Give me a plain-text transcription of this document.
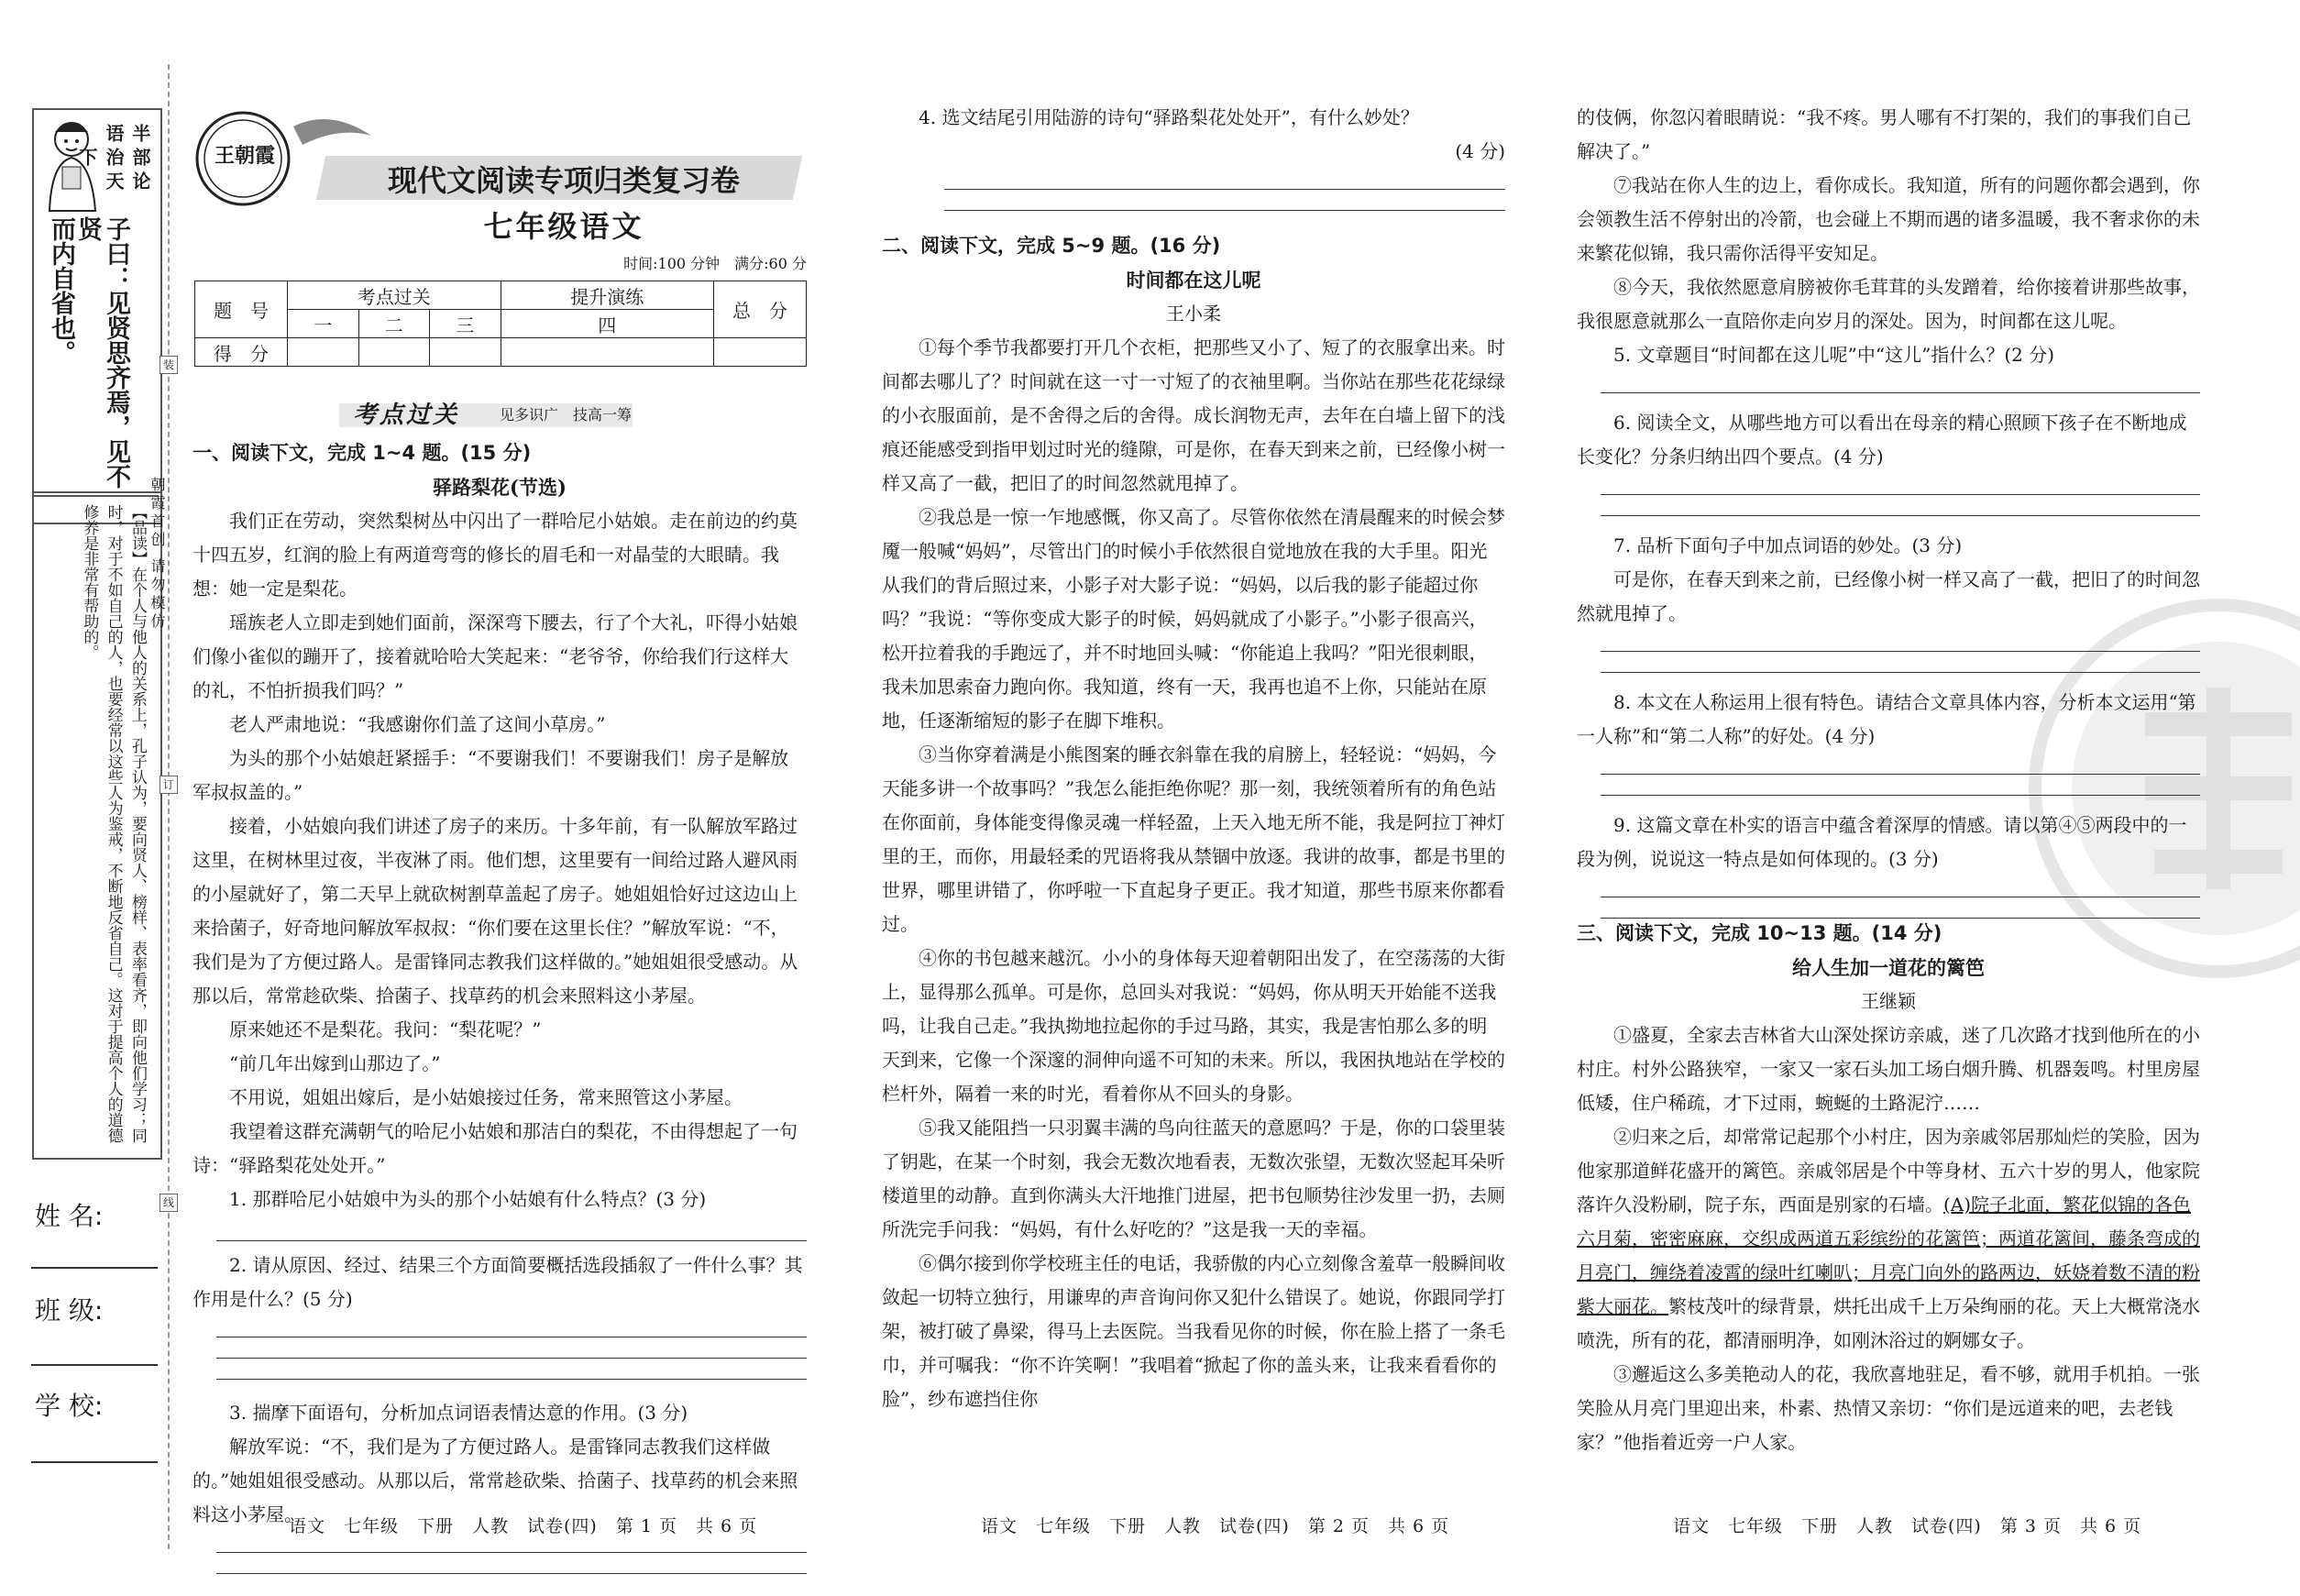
半部论语治天下
子曰：见贤思齐焉，见不贤
而内自省也。
【品读】在个人与他人的关系上，孔子认为，要向贤人、榜样、表率看齐，即向他们学习；同时，对于不如自己的人，也要经常以这些人为鉴戒，不断地反省自己。这对于提高个人的道德修养是非常有帮助的。
姓 名:
班 级:
学 校:
装
订
线
朝霞首创 请勿模仿
王朝霞
现代文阅读专项归类复习卷
七年级语文
时间:100 分钟　满分:60 分
题　号	考点过关			提升演练	总　分
	一	二	三	四	
得　分					
考点过关	见多识广　技高一筹
一、阅读下文，完成 1~4 题。(15 分)
驿路梨花(节选)
我们正在劳动，突然梨树丛中闪出了一群哈尼小姑娘。走在前边的约莫十四五岁，红润的脸上有两道弯弯的修长的眉毛和一对晶莹的大眼睛。我想：她一定是梨花。
瑶族老人立即走到她们面前，深深弯下腰去，行了个大礼，吓得小姑娘们像小雀似的蹦开了，接着就哈哈大笑起来：“老爷爷，你给我们行这样大的礼，不怕折损我们吗？”
老人严肃地说：“我感谢你们盖了这间小草房。”
为头的那个小姑娘赶紧摇手：“不要谢我们！不要谢我们！房子是解放军叔叔盖的。”
接着，小姑娘向我们讲述了房子的来历。十多年前，有一队解放军路过这里，在树林里过夜，半夜淋了雨。他们想，这里要有一间给过路人避风雨的小屋就好了，第二天早上就砍树割草盖起了房子。她姐姐恰好过这边山上来拾菌子，好奇地问解放军叔叔：“你们要在这里长住？”解放军说：“不，我们是为了方便过路人。是雷锋同志教我们这样做的。”她姐姐很受感动。从那以后，常常趁砍柴、拾菌子、找草药的机会来照料这小茅屋。
原来她还不是梨花。我问：“梨花呢？”
“前几年出嫁到山那边了。”
不用说，姐姐出嫁后，是小姑娘接过任务，常来照管这小茅屋。
我望着这群充满朝气的哈尼小姑娘和那洁白的梨花，不由得想起了一句诗：“驿路梨花处处开。”
1. 那群哈尼小姑娘中为头的那个小姑娘有什么特点？(3 分)
2. 请从原因、经过、结果三个方面简要概括选段插叙了一件什么事？其作用是什么？(5 分)
3. 揣摩下面语句，分析加点词语表情达意的作用。(3 分)
解放军说：“不，我们是为了方便过路人。是雷锋同志教我们这样做的。”她姐姐很受感动。从那以后，常常趁砍柴、拾菌子、找草药的机会来照料这小茅屋。
4. 选文结尾引用陆游的诗句“驿路梨花处处开”，有什么妙处？
(4 分)
二、阅读下文，完成 5~9 题。(16 分)
时间都在这儿呢
王小柔
①每个季节我都要打开几个衣柜，把那些又小了、短了的衣服拿出来。时间都去哪儿了？时间就在这一寸一寸短了的衣袖里啊。当你站在那些花花绿绿的小衣服面前，是不舍得之后的舍得。成长润物无声，去年在白墙上留下的浅痕还能感受到指甲划过时光的缝隙，可是你，在春天到来之前，已经像小树一样又高了一截，把旧了的时间忽然就甩掉了。
②我总是一惊一乍地感慨，你又高了。尽管你依然在清晨醒来的时候会梦魇一般喊“妈妈”，尽管出门的时候小手依然很自觉地放在我的大手里。阳光从我们的背后照过来，小影子对大影子说：“妈妈，以后我的影子能超过你吗？”我说：“等你变成大影子的时候，妈妈就成了小影子。”小影子很高兴，松开拉着我的手跑远了，并不时地回头喊：“你能追上我吗？”阳光很刺眼，我未加思索奋力跑向你。我知道，终有一天，我再也追不上你，只能站在原地，任逐渐缩短的影子在脚下堆积。
③当你穿着满是小熊图案的睡衣斜靠在我的肩膀上，轻轻说：“妈妈，今天能多讲一个故事吗？”我怎么能拒绝你呢？那一刻，我统领着所有的角色站在你面前，身体能变得像灵魂一样轻盈，上天入地无所不能，我是阿拉丁神灯里的王，而你，用最轻柔的咒语将我从禁锢中放逐。我讲的故事，都是书里的世界，哪里讲错了，你呼啦一下直起身子更正。我才知道，那些书原来你都看过。
④你的书包越来越沉。小小的身体每天迎着朝阳出发了，在空荡荡的大街上，显得那么孤单。可是你，总回头对我说：“妈妈，你从明天开始能不送我吗，让我自己走。”我执拗地拉起你的手过马路，其实，我是害怕那么多的明天到来，它像一个深邃的洞伸向遥不可知的未来。所以，我困执地站在学校的栏杆外，隔着一来的时光，看着你从不回头的身影。
⑤我又能阻挡一只羽翼丰满的鸟向往蓝天的意愿吗？于是，你的口袋里装了钥匙，在某一个时刻，我会无数次地看表，无数次张望，无数次竖起耳朵听楼道里的动静。直到你满头大汗地推门进屋，把书包顺势往沙发里一扔，去厕所洗完手问我：“妈妈，有什么好吃的？”这是我一天的幸福。
⑥偶尔接到你学校班主任的电话，我骄傲的内心立刻像含羞草一般瞬间收敛起一切特立独行，用谦卑的声音询问你又犯什么错误了。她说，你跟同学打架，被打破了鼻梁，得马上去医院。当我看见你的时候，你在脸上搭了一条毛巾，并可嘱我：“你不许笑啊！”我唱着“掀起了你的盖头来，让我来看看你的脸”，纱布遮挡住你
的伎俩，你忽闪着眼睛说：“我不疼。男人哪有不打架的，我们的事我们自己解决了。”
⑦我站在你人生的边上，看你成长。我知道，所有的问题你都会遇到，你会领教生活不停射出的冷箭，也会碰上不期而遇的诸多温暖，我不奢求你的未来繁花似锦，我只需你活得平安知足。
⑧今天，我依然愿意肩膀被你毛茸茸的头发蹭着，给你接着讲那些故事，我很愿意就那么一直陪你走向岁月的深处。因为，时间都在这儿呢。
5. 文章题目“时间都在这儿呢”中“这儿”指什么？(2 分)
6. 阅读全文，从哪些地方可以看出在母亲的精心照顾下孩子在不断地成长变化？分条归纳出四个要点。(4 分)
7. 品析下面句子中加点词语的妙处。(3 分)
可是你，在春天到来之前，已经像小树一样又高了一截，把旧了的时间忽然就甩掉了。
8. 本文在人称运用上很有特色。请结合文章具体内容，分析本文运用“第一人称”和“第二人称”的好处。(4 分)
9. 这篇文章在朴实的语言中蕴含着深厚的情感。请以第④⑤两段中的一段为例，说说这一特点是如何体现的。(3 分)
三、阅读下文，完成 10~13 题。(14 分)
给人生加一道花的篱笆
王继颖
①盛夏，全家去吉林省大山深处探访亲戚，迷了几次路才找到他所在的小村庄。村外公路狭窄，一家又一家石头加工场白烟升腾、机器轰鸣。村里房屋低矮，住户稀疏，才下过雨，蜿蜒的土路泥泞……
②归来之后，却常常记起那个小村庄，因为亲戚邻居那灿烂的笑脸，因为他家那道鲜花盛开的篱笆。亲戚邻居是个中等身材、五六十岁的男人，他家院落许久没粉刷，院子东，西面是别家的石墙。(A)院子北面，繁花似锦的各色六月菊，密密麻麻，交织成两道五彩缤纷的花篱笆；两道花篱间，藤条弯成的月亮门，缠绕着凌霄的绿叶红喇叭；月亮门向外的路两边，妖娆着数不清的粉紫大丽花。繁枝茂叶的绿背景，烘托出成千上万朵绚丽的花。天上大概常浇水喷洗，所有的花，都清丽明净，如刚沐浴过的婀娜女子。
③邂逅这么多美艳动人的花，我欣喜地驻足，看不够，就用手机拍。一张笑脸从月亮门里迎出来，朴素、热情又亲切：“你们是远道来的吧，去老钱家？”他指着近旁一户人家。
语文　七年级　下册　人教　试卷(四)　第 1 页　共 6 页	语文　七年级　下册　人教　试卷(四)　第 2 页　共 6 页	语文　七年级　下册　人教　试卷(四)　第 3 页　共 6 页
